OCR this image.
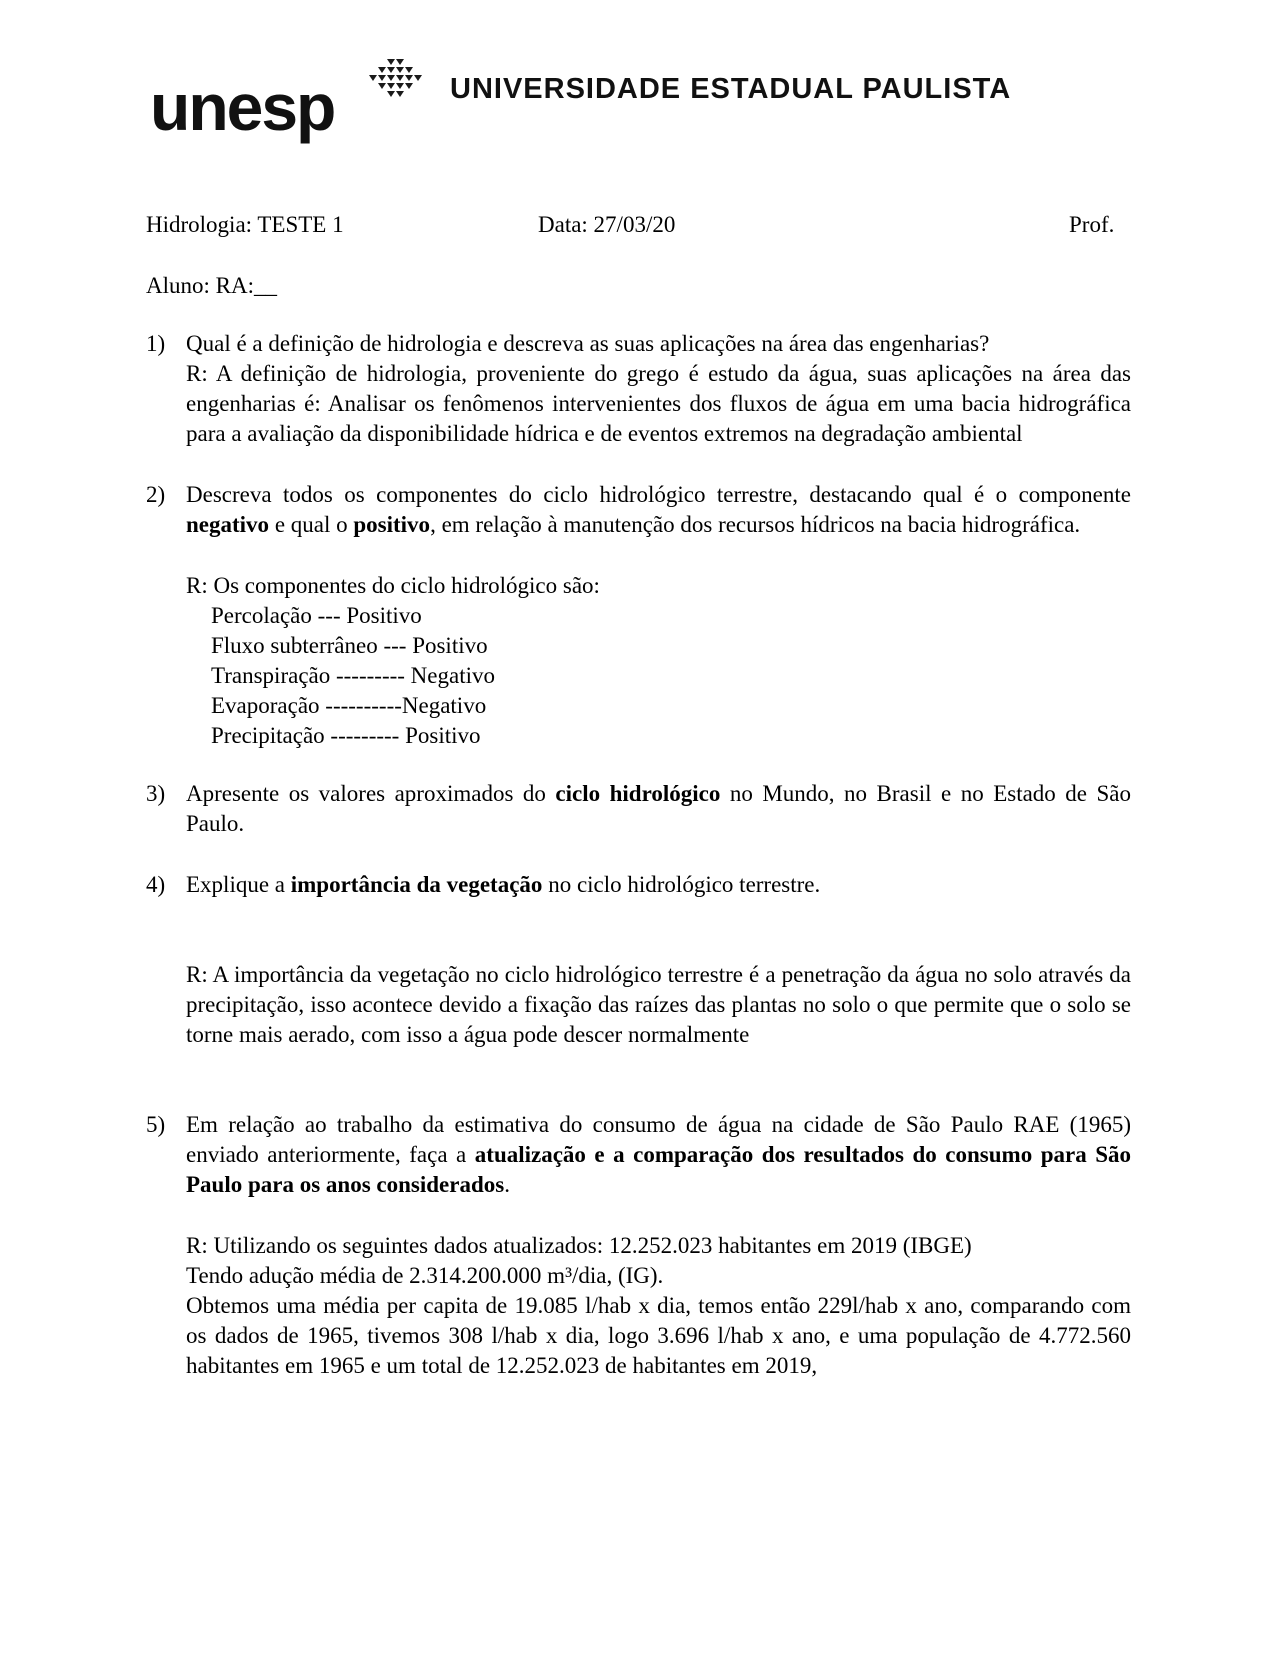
unesp	UNIVERSIDADE ESTADUAL PAULISTA
Hidrologia: TESTE 1	Data: 27/03/20	Prof.

Aluno: RA:__

1) Qual é a definição de hidrologia e descreva as suas aplicações na área das engenharias?

R: A definição de hidrologia, proveniente do grego é estudo da água, suas aplicações na área das engenharias é: Analisar os fenômenos intervenientes dos fluxos de água em uma bacia hidrográfica para a avaliação da disponibilidade hídrica e de eventos extremos na degradação ambiental

2) Descreva todos os componentes do ciclo hidrológico terrestre, destacando qual é o componente negativo e qual o positivo, em relação à manutenção dos recursos hídricos na bacia hidrográfica.

R: Os componentes do ciclo hidrológico são:

Percolação --- Positivo

Fluxo subterrâneo --- Positivo

Transpiração --------- Negativo

Evaporação ----------Negativo

Precipitação --------- Positivo

3) Apresente os valores aproximados do ciclo hidrológico no Mundo, no Brasil e no Estado de São Paulo.

4) Explique a importância da vegetação no ciclo hidrológico terrestre.

R: A importância da vegetação no ciclo hidrológico terrestre é a penetração da água no solo através da precipitação, isso acontece devido a fixação das raízes das plantas no solo o que permite que o solo se torne mais aerado, com isso a água pode descer normalmente

5) Em relação ao trabalho da estimativa do consumo de água na cidade de São Paulo RAE (1965) enviado anteriormente, faça a atualização e a comparação dos resultados do consumo para São Paulo para os anos considerados.

R: Utilizando os seguintes dados atualizados: 12.252.023 habitantes em 2019 (IBGE)

Tendo adução média de 2.314.200.000 m³/dia, (IG).

Obtemos uma média per capita de 19.085 l/hab x dia, temos então 229l/hab x ano, comparando com os dados de 1965, tivemos 308 l/hab x dia, logo 3.696 l/hab x ano, e uma população de 4.772.560 habitantes em 1965 e um total de 12.252.023 de habitantes em 2019,
